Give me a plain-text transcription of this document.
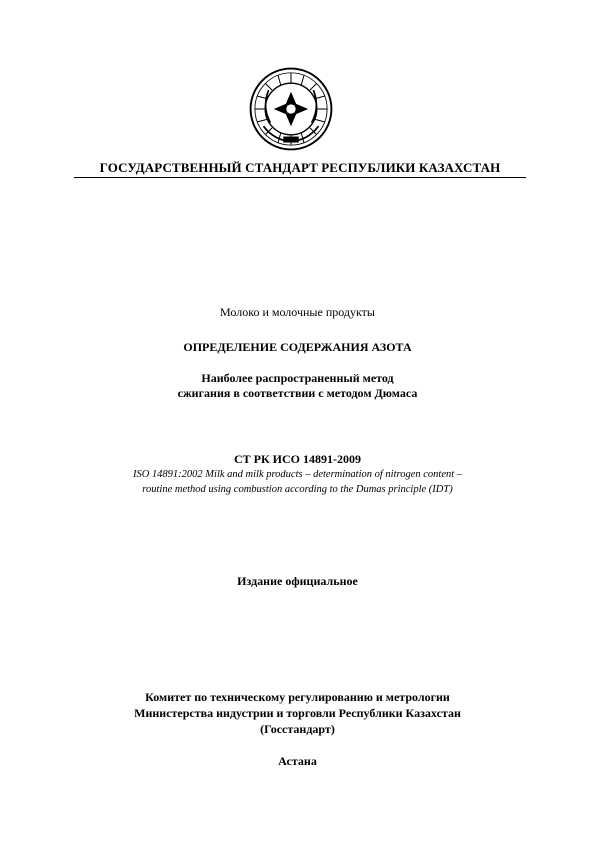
ГОСУДАРСТВЕННЫЙ СТАНДАРТ РЕСПУБЛИКИ КАЗАХСТАН
Молоко и молочные продукты
ОПРЕДЕЛЕНИЕ СОДЕРЖАНИЯ АЗОТА
Наиболее распространенный метод
сжигания в соответствии с методом Дюмаса
СТ РК ИСО 14891-2009
ISO 14891:2002 Milk and milk products – determination of nitrogen content –
routine method using combustion according to the Dumas principle (IDT)
Издание официальное
Комитет по техническому регулированию и метрологии
Министерства индустрии и торговли Республики Казахстан
(Госстандарт)
Астана
